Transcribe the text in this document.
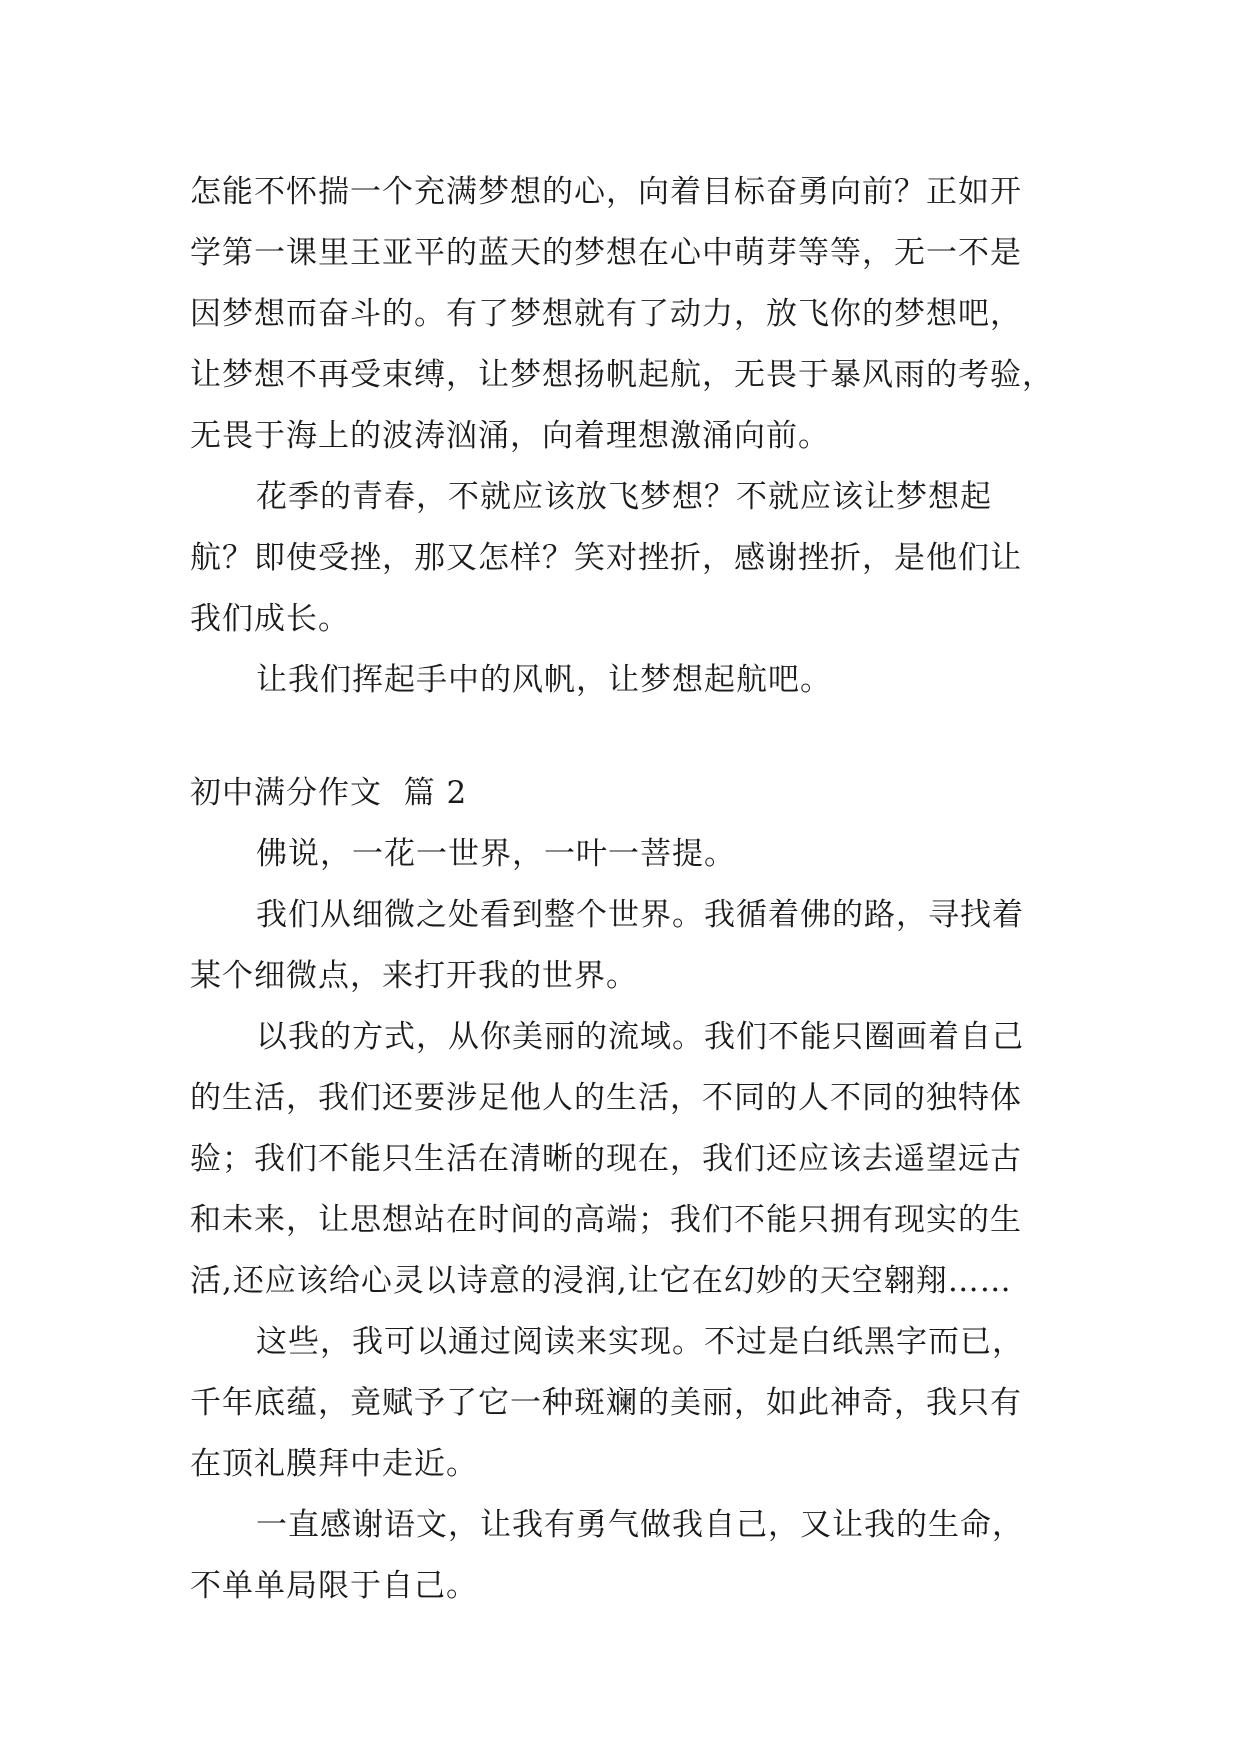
怎能不怀揣一个充满梦想的心，向着目标奋勇向前？正如开
学第一课里王亚平的蓝天的梦想在心中萌芽等等，无一不是
因梦想而奋斗的。有了梦想就有了动力，放飞你的梦想吧，
让梦想不再受束缚，让梦想扬帆起航，无畏于暴风雨的考验，
无畏于海上的波涛汹涌，向着理想激涌向前。
花季的青春，不就应该放飞梦想？不就应该让梦想起
航？即使受挫，那又怎样？笑对挫折，感谢挫折，是他们让
我们成长。
让我们挥起手中的风帆，让梦想起航吧。
初中满分作文  篇 2
佛说，一花一世界，一叶一菩提。
我们从细微之处看到整个世界。我循着佛的路，寻找着
某个细微点，来打开我的世界。
以我的方式，从你美丽的流域。我们不能只圈画着自己
的生活，我们还要涉足他人的生活，不同的人不同的独特体
验；我们不能只生活在清晰的现在，我们还应该去遥望远古
和未来，让思想站在时间的高端；我们不能只拥有现实的生
活,还应该给心灵以诗意的浸润,让它在幻妙的天空翱翔……
这些，我可以通过阅读来实现。不过是白纸黑字而已，
千年底蕴，竟赋予了它一种斑斓的美丽，如此神奇，我只有
在顶礼膜拜中走近。
一直感谢语文，让我有勇气做我自己，又让我的生命，
不单单局限于自己。
